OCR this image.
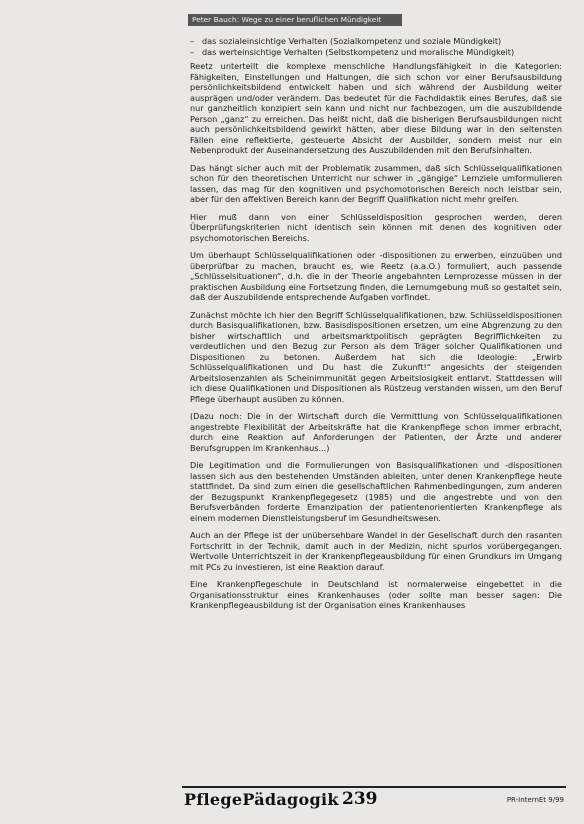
Peter Bauch: Wege zu einer beruflichen Mündigkeit
– das sozialeinsichtige Verhalten (Sozialkompetenz und soziale Mündigkeit)
– das werteinsichtige Verhalten (Selbstkompetenz und moralische Mündigkeit)

Reetz unterteilt die komplexe menschliche Handlungsfähigkeit in die Kategorien: Fähigkeiten, Einstellungen und Haltungen, die sich schon vor einer Berufsausbildung persönlichkeitsbildend entwickelt haben und sich während der Ausbildung weiter ausprägen und/oder verändern. Das bedeutet für die Fachdidaktik eines Berufes, daß sie nur ganzheitlich konzipiert sein kann und nicht nur fachbezogen, um die auszubildende Person „ganz“ zu erreichen. Das heißt nicht, daß die bisherigen Berufsausbildungen nicht auch persönlichkeitsbildend gewirkt hätten, aber diese Bildung war in den seltensten Fällen eine reflektierte, gesteuerte Absicht der Ausbilder, sondern meist nur ein Nebenprodukt der Auseinandersetzung des Auszubildenden mit den Berufsinhalten.

Das hängt sicher auch mit der Problematik zusammen, daß sich Schlüsselqualifikationen schon für den theoretischen Unterricht nur schwer in „gängige“ Lernziele umformulieren lassen, das mag für den kognitiven und psychomotorischen Bereich noch leistbar sein, aber für den affektiven Bereich kann der Begriff Qualifikation nicht mehr greifen.

Hier muß dann von einer Schlüsseldisposition gesprochen werden, deren Überprüfungskriterien nicht identisch sein können mit denen des kognitiven oder psychomotorischen Bereichs.

Um überhaupt Schlüsselqualifikationen oder -dispositionen zu erwerben, einzuüben und überprüfbar zu machen, braucht es, wie Reetz (a.a.O.) formuliert, auch passende „Schlüsselsituationen“, d.h. die in der Theorie angebahnten Lernprozesse müssen in der praktischen Ausbildung eine Fortsetzung finden, die Lernumgebung muß so gestaltet sein, daß der Auszubildende entsprechende Aufgaben vorfindet.

Zunächst möchte ich hier den Begriff Schlüsselqualifikationen, bzw. Schlüsseldispositionen durch Basisqualifikationen, bzw. Basisdispositionen ersetzen, um eine Abgrenzung zu den bisher wirtschaftlich und arbeitsmarktpolitisch geprägten Begrifflichkeiten zu verdeutlichen und den Bezug zur Person als dem Träger solcher Qualifikationen und Dispositionen zu betonen. Außerdem hat sich die Ideologie: „Erwirb Schlüsselqualifikationen und Du hast die Zukunft!“ angesichts der steigenden Arbeitslosenzahlen als Scheinimmunität gegen Arbeitslosigkeit entlarvt. Stattdessen will ich diese Qualifikationen und Dispositionen als Rüstzeug verstanden wissen, um den Beruf Pflege überhaupt ausüben zu können.

(Dazu noch: Die in der Wirtschaft durch die Vermittlung von Schlüsselqualifikationen angestrebte Flexibilität der Arbeitskräfte hat die Krankenpflege schon immer erbracht, durch eine Reaktion auf Anforderungen der Patienten, der Ärzte und anderer Berufsgruppen im Krankenhaus...)

Die Legitimation und die Formulierungen von Basisqualifikationen und -dispositionen lassen sich aus den bestehenden Umständen ableiten, unter denen Krankenpflege heute stattfindet. Da sind zum einen die gesellschaftlichen Rahmenbedingungen, zum anderen der Bezugspunkt Krankenpflegegesetz (1985) und die angestrebte und von den Berufsverbänden forderte Emanzipation der patientenorientierten Krankenpflege als einem modernen Dienstleistungsberuf im Gesundheitswesen.

Auch an der Pflege ist der unübersehbare Wandel in der Gesellschaft durch den rasanten Fortschritt in der Technik, damit auch in der Medizin, nicht spurlos vorübergegangen. Wertvolle Unterrichtszeit in der Krankenpflegeausbildung für einen Grundkurs im Umgang mit PCs zu investieren, ist eine Reaktion darauf.

Eine Krankenpflegeschule in Deutschland ist normalerweise eingebettet in die Organisationsstruktur eines Krankenhauses (oder sollte man besser sagen: Die Krankenpflegeausbildung ist der Organisation eines Krankenhauses

PflegePädagogik 239	PR-InternEt 9/99
